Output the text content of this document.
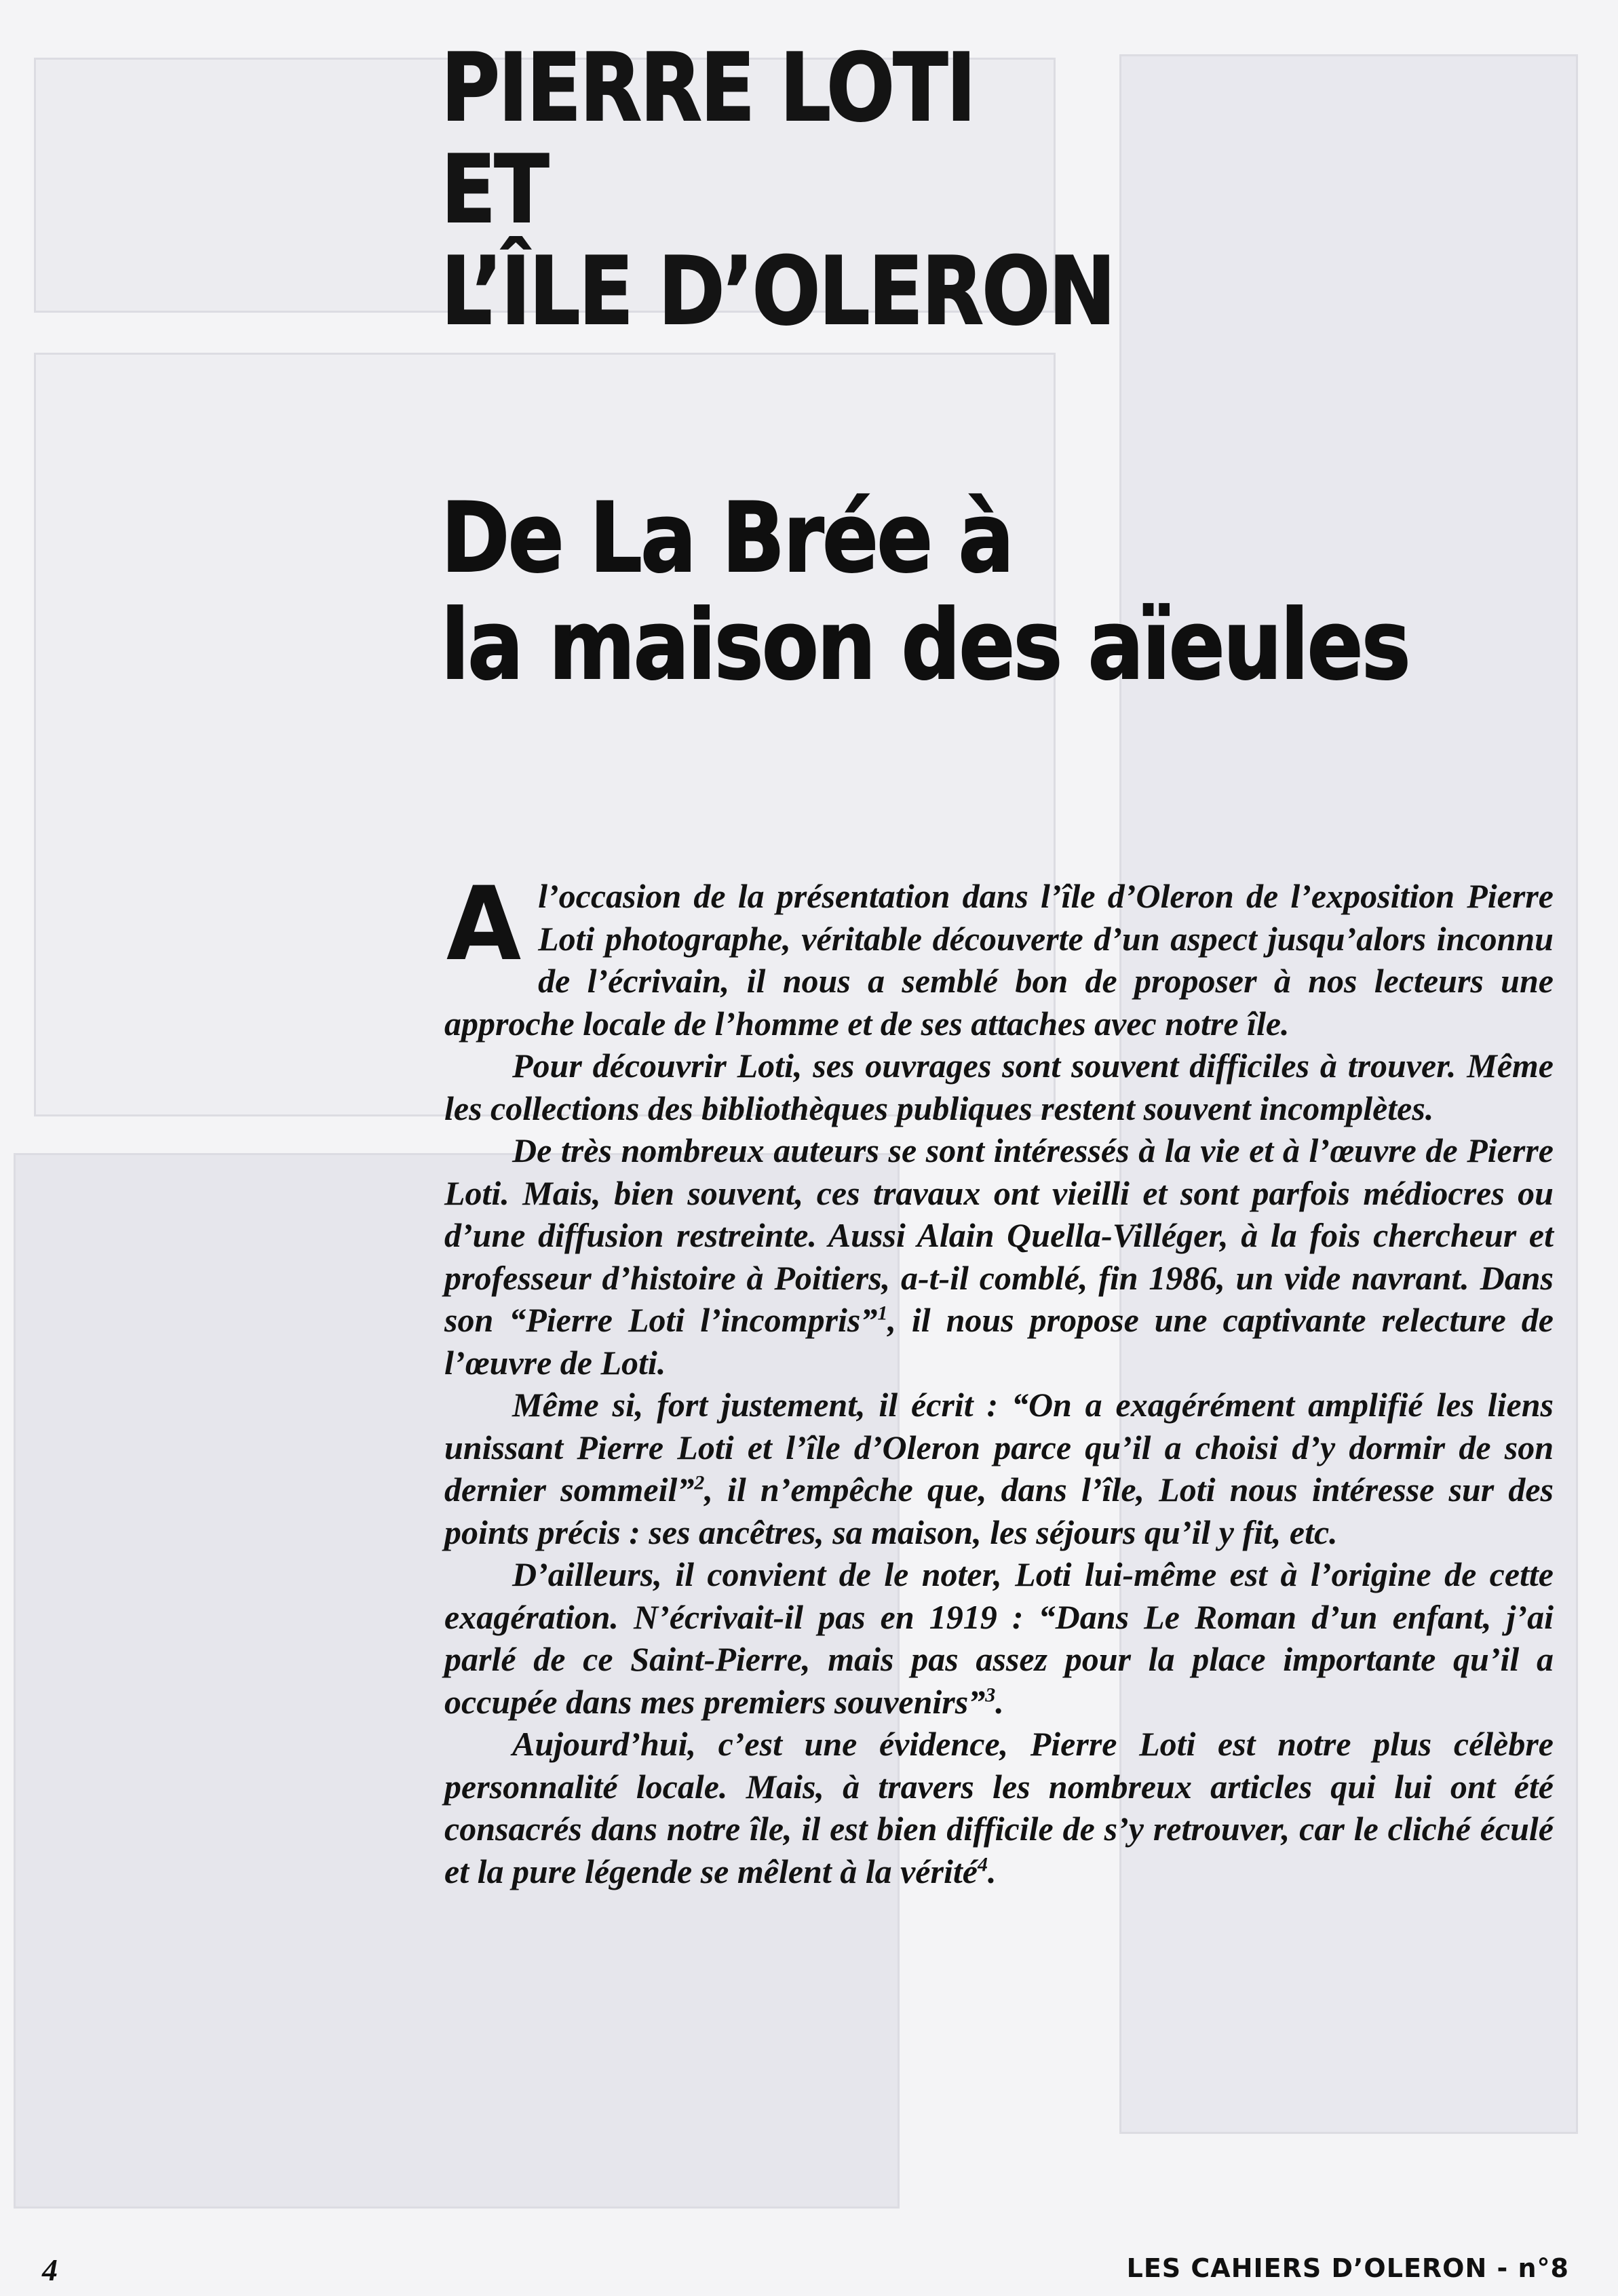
PIERRE LOTI
ET
L’ÎLE D’OLERON
De La Brée à
la maison des aïeules

Al’occasion de la présentation dans l’île d’Oleron de l’exposition Pierre Loti photographe, véritable découverte d’un aspect jusqu’alors inconnu de l’écrivain, il nous a semblé bon de proposer à nos lecteurs une approche locale de l’homme et de ses attaches avec notre île.

Pour découvrir Loti, ses ouvrages sont souvent difficiles à trouver. Même les collections des bibliothèques publiques restent souvent incomplètes.

De très nombreux auteurs se sont intéressés à la vie et à l’œuvre de Pierre Loti. Mais, bien souvent, ces travaux ont vieilli et sont parfois médiocres ou d’une diffusion restreinte. Aussi Alain Quella-Villéger, à la fois chercheur et professeur d’histoire à Poitiers, a-t-il comblé, fin 1986, un vide navrant. Dans son “Pierre Loti l’incompris”$^1$, il nous propose une captivante relecture de l’œuvre de Loti.

Même si, fort justement, il écrit : “On a exagérément amplifié les liens unissant Pierre Loti et l’île d’Oleron parce qu’il a choisi d’y dormir de son dernier sommeil”$^2$, il n’empêche que, dans l’île, Loti nous intéresse sur des points précis : ses ancêtres, sa maison, les séjours qu’il y fit, etc.

D’ailleurs, il convient de le noter, Loti lui-même est à l’origine de cette exagération. N’écrivait-il pas en 1919 : “Dans Le Roman d’un enfant, j’ai parlé de ce Saint-Pierre, mais pas assez pour la place importante qu’il a occupée dans mes premiers souvenirs”$^3$.

Aujourd’hui, c’est une évidence, Pierre Loti est notre plus célèbre personnalité locale. Mais, à travers les nombreux articles qui lui ont été consacrés dans notre île, il est bien difficile de s’y retrouver, car le cliché éculé et la pure légende se mêlent à la vérité$^4$.

4	LES CAHIERS D’OLERON - n°8
